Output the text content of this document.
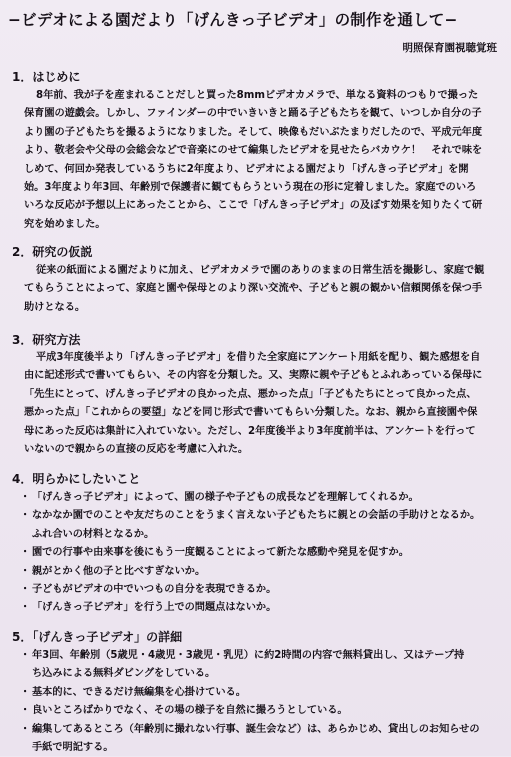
−ビデオによる園だより「げんきっ子ビデオ」の制作を通して−
明照保育園視聴覚班
1．はじめに

8年前、我が子を産まれることだしと買った8mmビデオカメラで、単なる資料のつもりで撮った
保育園の遊戯会。しかし、ファインダーの中でいきいきと踊る子どもたちを観て、いつしか自分の子
より園の子どもたちを撮るようになりました。そして、映像もだいぶたまりだしたので、平成元年度
より、敬老会や父母の会総会などで音楽にのせて編集したビデオを見せたらバカウケ！　それで味を
しめて、何回か発表しているうちに2年度より、ビデオによる園だより「げんきっ子ビデオ」を開
始。3年度より年3回、年齢別で保護者に観てもらうという現在の形に定着しました。家庭でのいろ
いろな反応が予想以上にあったことから、ここで「げんきっ子ビデオ」の及ぼす効果を知りたくて研
究を始めました。

2．研究の仮説

従来の紙面による園だよりに加え、ビデオカメラで園のありのままの日常生活を撮影し、家庭で観
てもらうことによって、家庭と園や保母とのより深い交流や、子どもと親の観かい信頼関係を保つ手
助けとなる。

3．研究方法

平成3年度後半より「げんきっ子ビデオ」を借りた全家庭にアンケート用紙を配り、観た感想を自
由に記述形式で書いてもらい、その内容を分類した。又、実際に親や子どもとふれあっている保母に
「先生にとって、げんきっ子ビデオの良かった点、悪かった点」「子どもたちにとって良かった点、
悪かった点」「これからの要望」などを同じ形式で書いてもらい分類した。なお、親から直接園や保
母にあった反応は集計に入れていない。ただし、2年度後半より3年度前半は、アンケートを行って
いないので親からの直接の反応を考慮に入れた。

4．明らかにしたいこと
・ 「げんきっ子ビデオ」によって、園の様子や子どもの成長などを理解してくれるか。
・ なかなか園でのことや友だちのことをうまく言えない子どもたちに親との会話の手助けとなるか。
ふれ合いの材料となるか。
・ 園での行事や由来事を後にもう一度観ることによって新たな感動や発見を促すか。
・ 親がとかく他の子と比べすぎないか。
・ 子どもがビデオの中でいつもの自分を表現できるか。
・ 「げんきっ子ビデオ」を行う上での問題点はないか。
5．「げんきっ子ビデオ」の詳細
・ 年3回、年齢別（5歳児・4歳児・3歳児・乳児）に約2時間の内容で無料貸出し、又はテープ持
ち込みによる無料ダビングをしている。
・ 基本的に、できるだけ無編集を心掛けている。
・ 良いところばかりでなく、その場の様子を自然に撮ろうとしている。
・ 編集してあるところ（年齢別に撮れない行事、誕生会など）は、あらかじめ、貸出しのお知らせの
手紙で明記する。
